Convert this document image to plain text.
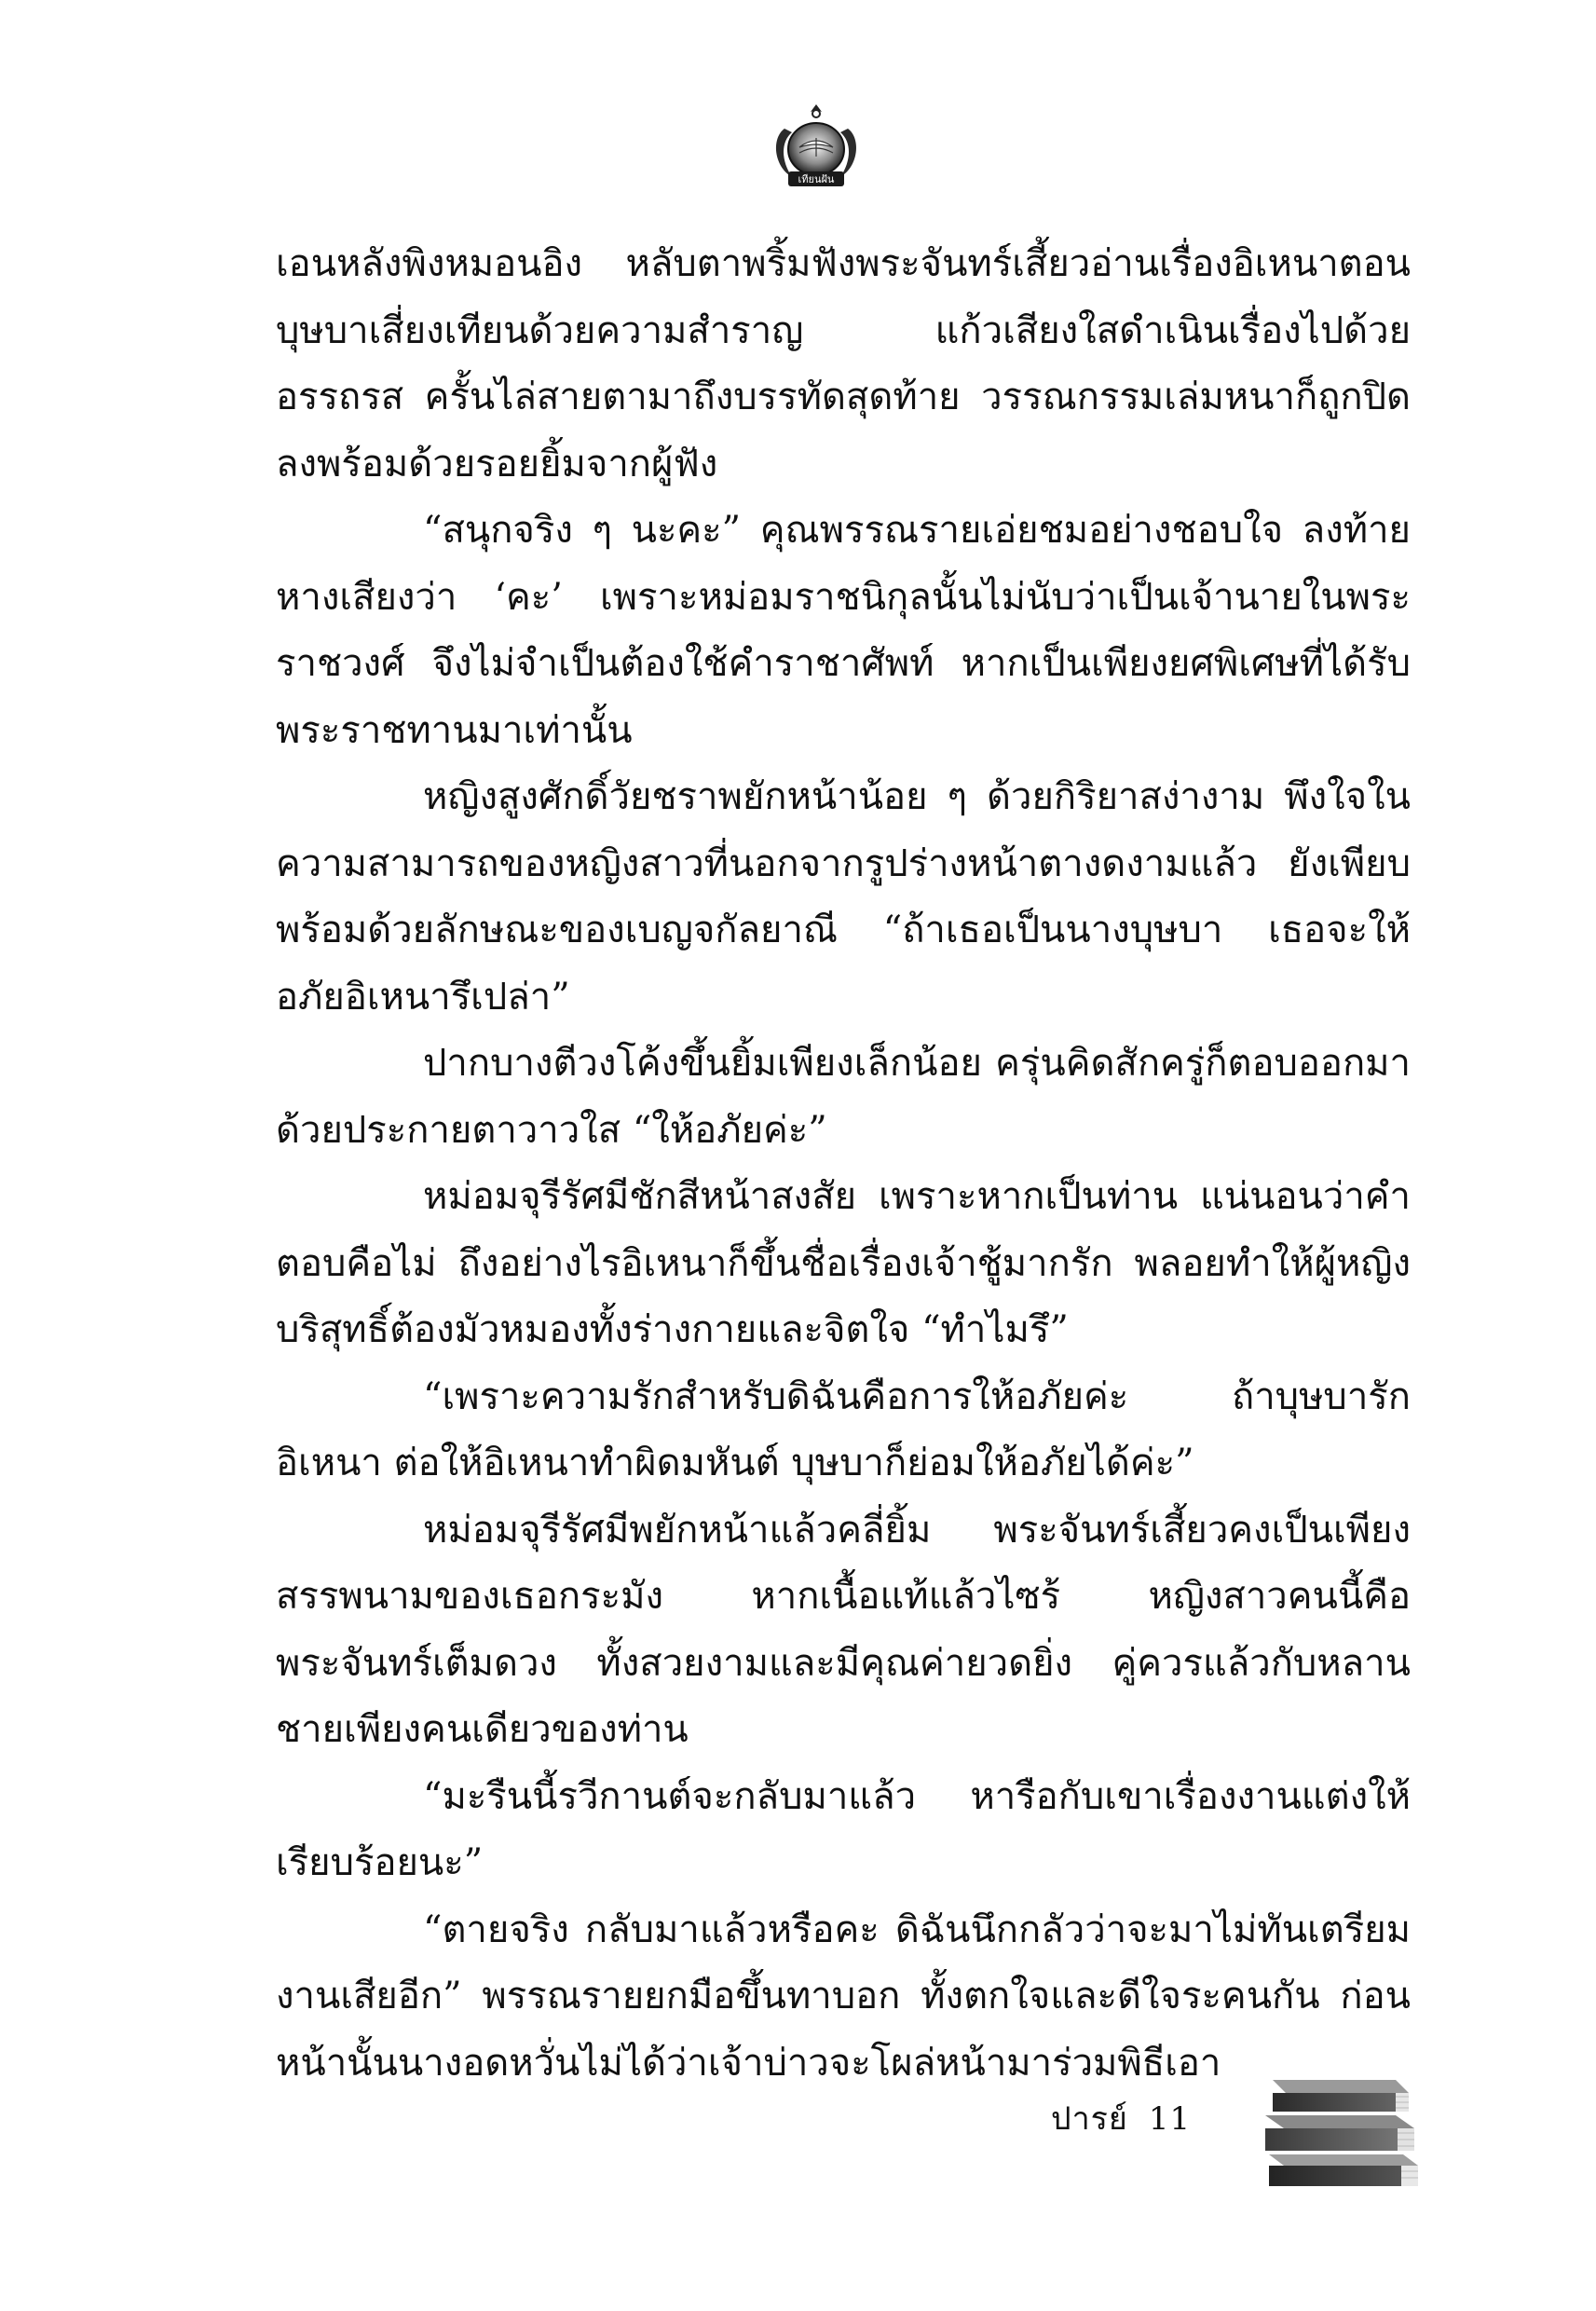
เทียนฝัน

เอนหลังพิงหมอนอิง หลับตาพริ้มฟังพระจันทร์เสี้ยวอ่านเรื่องอิเหนาตอนบุษบาเสี่ยงเทียนด้วยความสำราญ แก้วเสียงใสดำเนินเรื่องไปด้วยอรรถรส ครั้นไล่สายตามาถึงบรรทัดสุดท้าย วรรณกรรมเล่มหนาก็ถูกปิดลงพร้อมด้วยรอยยิ้มจากผู้ฟัง

“สนุกจริง ๆ นะคะ” คุณพรรณรายเอ่ยชมอย่างชอบใจ ลงท้ายหางเสียงว่า ‘คะ’ เพราะหม่อมราชนิกุลนั้นไม่นับว่าเป็นเจ้านายในพระราชวงศ์ จึงไม่จำเป็นต้องใช้คำราชาศัพท์ หากเป็นเพียงยศพิเศษที่ได้รับพระราชทานมาเท่านั้น

หญิงสูงศักดิ์วัยชราพยักหน้าน้อย ๆ ด้วยกิริยาสง่างาม พึงใจในความสามารถของหญิงสาวที่นอกจากรูปร่างหน้าตางดงามแล้ว ยังเพียบพร้อมด้วยลักษณะของเบญจกัลยาณี “ถ้าเธอเป็นนางบุษบา เธอจะให้อภัยอิเหนารึเปล่า”

ปากบางตีวงโค้งขึ้นยิ้มเพียงเล็กน้อย ครุ่นคิดสักครู่ก็ตอบออกมาด้วยประกายตาวาวใส “ให้อภัยค่ะ”

หม่อมจุรีรัศมีชักสีหน้าสงสัย เพราะหากเป็นท่าน แน่นอนว่าคำตอบคือไม่ ถึงอย่างไรอิเหนาก็ขึ้นชื่อเรื่องเจ้าชู้มากรัก พลอยทำให้ผู้หญิงบริสุทธิ์ต้องมัวหมองทั้งร่างกายและจิตใจ “ทำไมรึ”

“เพราะความรักสำหรับดิฉันคือการให้อภัยค่ะ ถ้าบุษบารักอิเหนา ต่อให้อิเหนาทำผิดมหันต์ บุษบาก็ย่อมให้อภัยได้ค่ะ”

หม่อมจุรีรัศมีพยักหน้าแล้วคลี่ยิ้ม พระจันทร์เสี้ยวคงเป็นเพียงสรรพนามของเธอกระมัง หากเนื้อแท้แล้วไซร้ หญิงสาวคนนี้คือพระจันทร์เต็มดวง ทั้งสวยงามและมีคุณค่ายวดยิ่ง คู่ควรแล้วกับหลานชายเพียงคนเดียวของท่าน

“มะรืนนี้รวีกานต์จะกลับมาแล้ว หารือกับเขาเรื่องงานแต่งให้เรียบร้อยนะ”

“ตายจริง กลับมาแล้วหรือคะ ดิฉันนึกกลัวว่าจะมาไม่ทันเตรียมงานเสียอีก” พรรณรายยกมือขึ้นทาบอก ทั้งตกใจและดีใจระคนกัน ก่อนหน้านั้นนางอดหวั่นไม่ได้ว่าเจ้าบ่าวจะโผล่หน้ามาร่วมพิธีเอา

ปารย์ 11
